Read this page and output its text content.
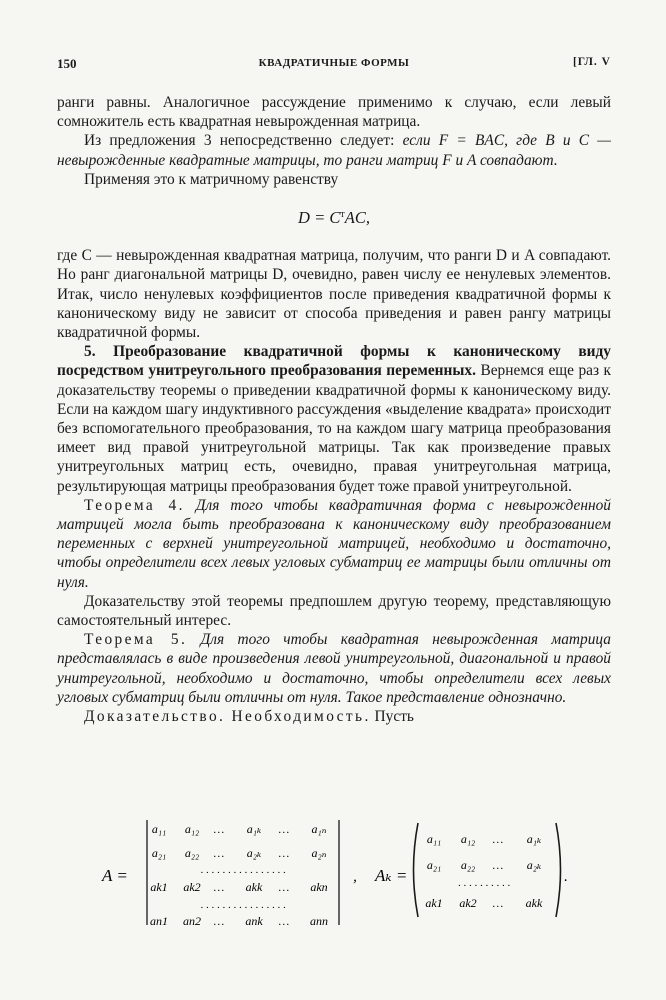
150	КВАДРАТИЧНЫЕ ФОРМЫ	[ГЛ. V

ранги равны. Аналогичное рассуждение применимо к случаю, если левый сомножитель есть квадратная невырожденная матрица.

Из предложения 3 непосредственно следует: если F = BAC, где B и C — невырожденные квадратные матрицы, то ранги матриц F и A совпадают.

Применяя это к матричному равенству

$D = C^тAC$,

где C — невырожденная квадратная матрица, получим, что ранги D и A совпадают. Но ранг диагональной матрицы D, очевидно, равен числу ее ненулевых элементов. Итак, число ненулевых коэффициентов после приведения квадратичной формы к каноническому виду не зависит от способа приведения и равен рангу матрицы квадратичной формы.

5. Преобразование квадратичной формы к каноническому виду посредством унитреугольного преобразования переменных. Вернемся еще раз к доказательству теоремы о приведении квадратичной формы к каноническому виду. Если на каждом шагу индуктивного рассуждения «выделение квадрата» происходит без вспомогательного преобразования, то на каждом шагу матрица преобразования имеет вид правой унитреугольной матрицы. Так как произведение правых унитреугольных матриц есть, очевидно, правая унитреугольная матрица, результирующая матрицы преобразования будет тоже правой унитреугольной.

Теорема 4. Для того чтобы квадратичная форма с невырожденной матрицей могла быть преобразована к каноническому виду преобразованием переменных с верхней унитреугольной матрицей, необходимо и достаточно, чтобы определители всех левых угловых субматриц ее матрицы были отличны от нуля.

Доказательству этой теоремы предпошлем другую теорему, представляющую самостоятельный интерес.

Теорема 5. Для того чтобы квадратная невырожденная матрица представлялась в виде произведения левой унитреугольной, диагональной и правой унитреугольной, необходимо и достаточно, чтобы определители всех левых угловых субматриц были отличны от нуля. Такое представление однозначно.

Доказательство. Необходимость. Пусть

A =
a₁₁ a₁₂ … a₁ₖ … a₁ₙ
a₂₁ a₂₂ … a₂ₖ … a₂ₙ
ak1 ak2 … akk … akn
an1 an2 … ank … ann
· · · · · · · · · · · · · · · ·
· · · · · · · · · · · · · · · ·
, Aₖ =
a₁₁ a₁₂ … a₁ₖ
a₂₁ a₂₂ … a₂ₖ
ak1 ak2 … akk
· · · · · · · · · ·
.
